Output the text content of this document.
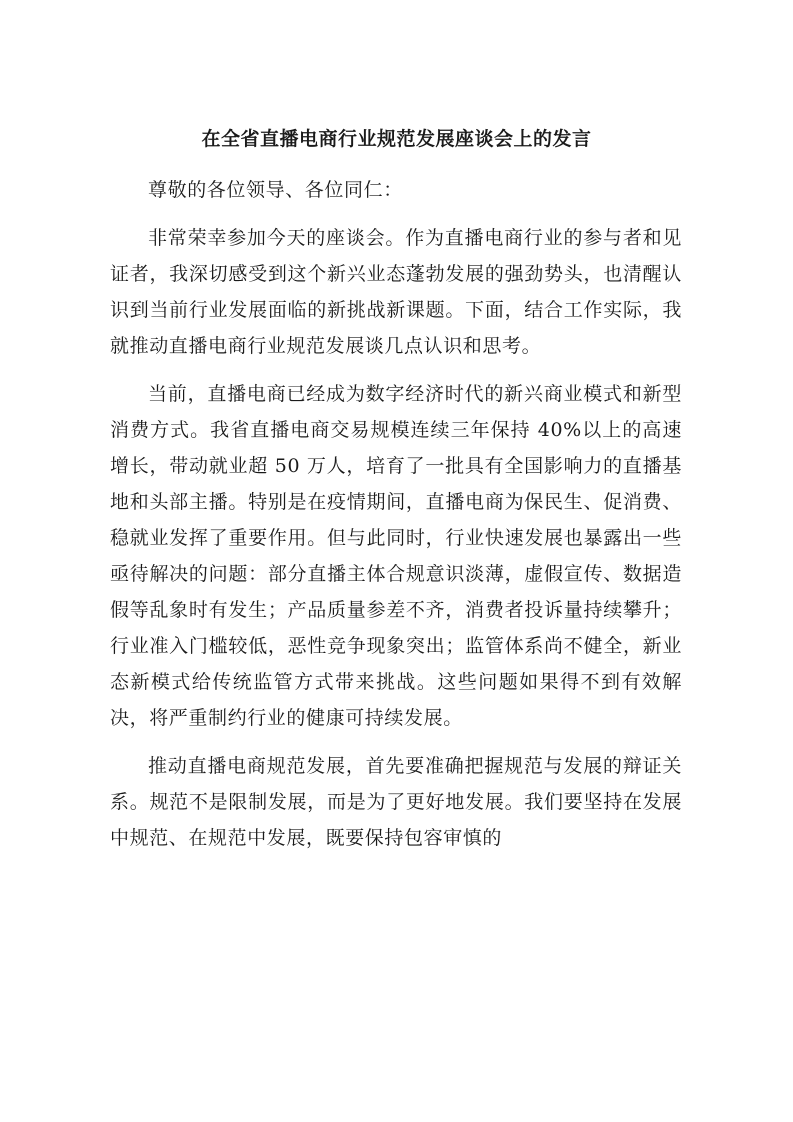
在全省直播电商行业规范发展座谈会上的发言

尊敬的各位领导、各位同仁：

非常荣幸参加今天的座谈会。作为直播电商行业的参与者和见证者，我深切感受到这个新兴业态蓬勃发展的强劲势头，也清醒认识到当前行业发展面临的新挑战新课题。下面，结合工作实际，我就推动直播电商行业规范发展谈几点认识和思考。

当前，直播电商已经成为数字经济时代的新兴商业模式和新型消费方式。我省直播电商交易规模连续三年保持 40%以上的高速增长，带动就业超 50 万人，培育了一批具有全国影响力的直播基地和头部主播。特别是在疫情期间，直播电商为保民生、促消费、稳就业发挥了重要作用。但与此同时，行业快速发展也暴露出一些亟待解决的问题：部分直播主体合规意识淡薄，虚假宣传、数据造假等乱象时有发生；产品质量参差不齐，消费者投诉量持续攀升；行业准入门槛较低，恶性竞争现象突出；监管体系尚不健全，新业态新模式给传统监管方式带来挑战。这些问题如果得不到有效解决，将严重制约行业的健康可持续发展。

推动直播电商规范发展，首先要准确把握规范与发展的辩证关系。规范不是限制发展，而是为了更好地发展。我们要坚持在发展中规范、在规范中发展，既要保持包容审慎的
